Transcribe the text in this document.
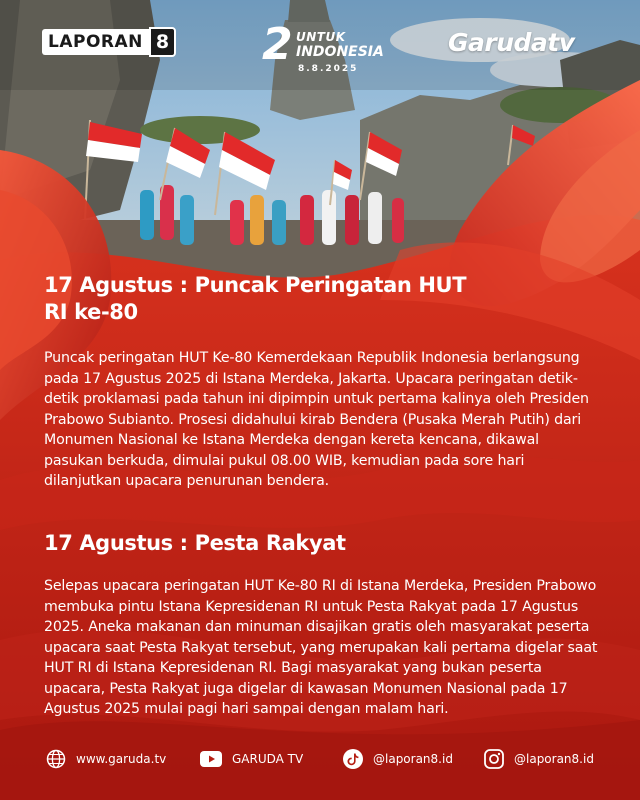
LAPORAN 8 2 UNTUK
INDONESIA
8.8.2025
Garudatv
17 Agustus : Puncak Peringatan HUT RI ke-80

Puncak peringatan HUT Ke-80 Kemerdekaan Republik Indonesia berlangsung pada 17 Agustus 2025 di Istana Merdeka, Jakarta. Upacara peringatan detik-detik proklamasi pada tahun ini dipimpin untuk pertama kalinya oleh Presiden Prabowo Subianto. Prosesi didahului kirab Bendera (Pusaka Merah Putih) dari Monumen Nasional ke Istana Merdeka dengan kereta kencana, dikawal pasukan berkuda, dimulai pukul 08.00 WIB, kemudian pada sore hari dilanjutkan upacara penurunan bendera.

17 Agustus : Pesta Rakyat

Selepas upacara peringatan HUT Ke-80 RI di Istana Merdeka, Presiden Prabowo membuka pintu Istana Kepresidenan RI untuk Pesta Rakyat pada 17 Agustus 2025. Aneka makanan dan minuman disajikan gratis oleh masyarakat peserta upacara saat Pesta Rakyat tersebut, yang merupakan kali pertama digelar saat HUT RI di Istana Kepresidenan RI. Bagi masyarakat yang bukan peserta upacara, Pesta Rakyat juga digelar di kawasan Monumen Nasional pada 17 Agustus 2025 mulai pagi hari sampai dengan malam hari.

www.garuda.tv	GARUDA TV	@laporan8.id	@laporan8.id
